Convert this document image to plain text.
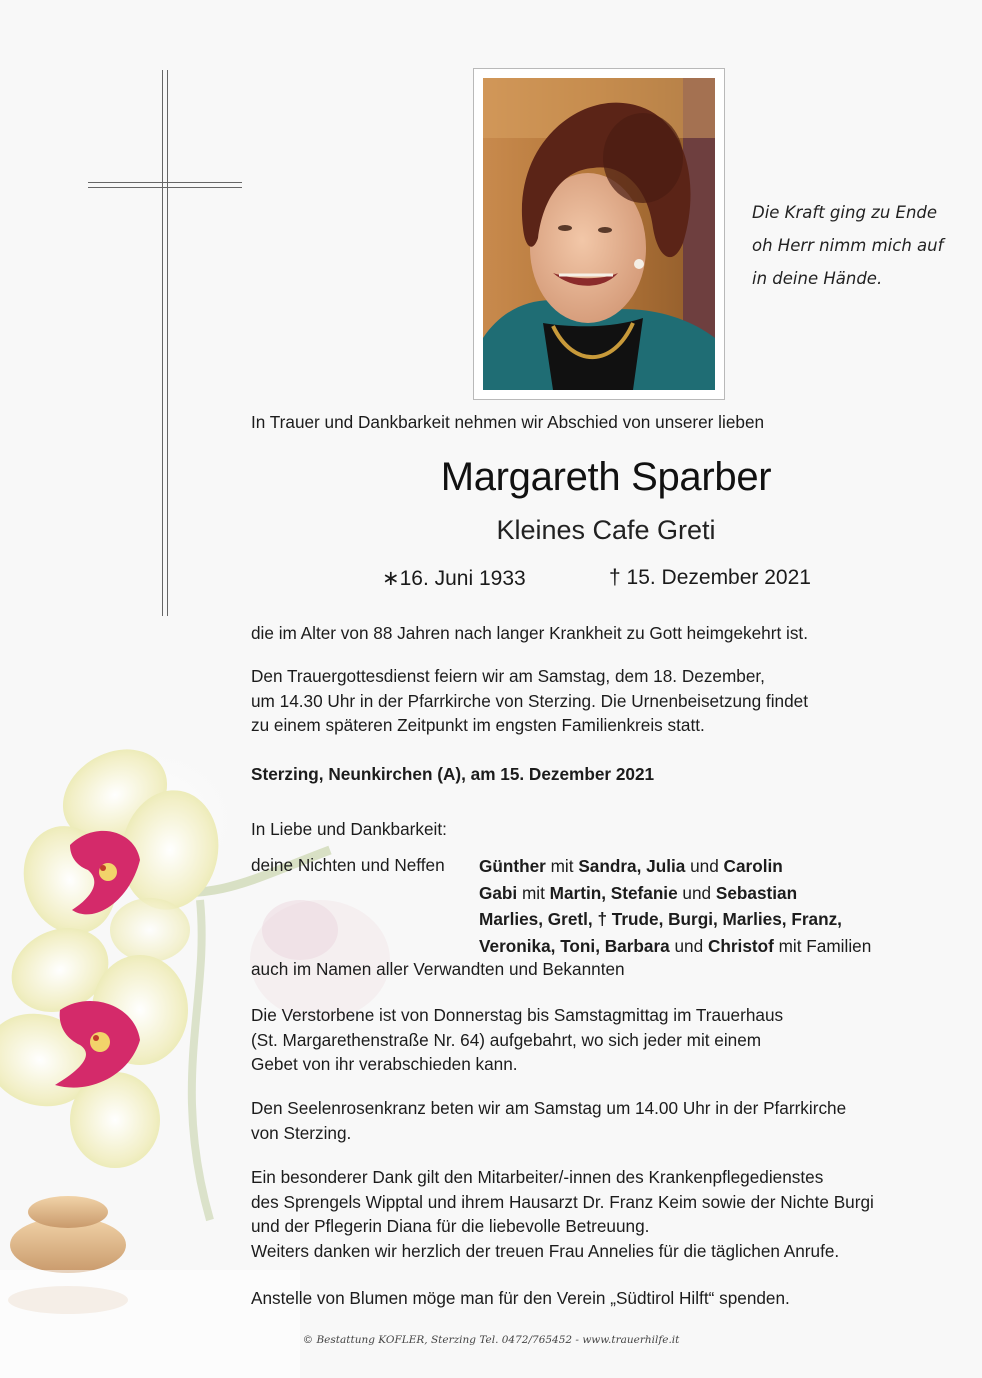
Die Kraft ging zu Ende
oh Herr nimm mich auf
in deine Hände.
In Trauer und Dankbarkeit nehmen wir Abschied von unserer lieben
Margareth Sparber
Kleines Cafe Greti
∗16. Juni 1933	† 15. Dezember 2021
die im Alter von 88 Jahren nach langer Krankheit zu Gott heimgekehrt ist.
Den Trauergottesdienst feiern wir am Samstag, dem 18. Dezember,
um 14.30 Uhr in der Pfarrkirche von Sterzing. Die Urnenbeisetzung findet
zu einem späteren Zeitpunkt im engsten Familienkreis statt.
Sterzing, Neunkirchen (A), am 15. Dezember 2021
In Liebe und Dankbarkeit:
deine Nichten und Neffen Günther mit Sandra, Julia und Carolin
Gabi mit Martin, Stefanie und Sebastian
Marlies, Gretl, † Trude, Burgi, Marlies, Franz,
Veronika, Toni, Barbara und Christof mit Familien
auch im Namen aller Verwandten und Bekannten
Die Verstorbene ist von Donnerstag bis Samstagmittag im Trauerhaus
(St. Margarethenstraße Nr. 64) aufgebahrt, wo sich jeder mit einem
Gebet von ihr verabschieden kann.
Den Seelenrosenkranz beten wir am Samstag um 14.00 Uhr in der Pfarrkirche
von Sterzing.
Ein besonderer Dank gilt den Mitarbeiter/-innen des Krankenpflegedienstes
des Sprengels Wipptal und ihrem Hausarzt Dr. Franz Keim sowie der Nichte Burgi
und der Pflegerin Diana für die liebevolle Betreuung.
Weiters danken wir herzlich der treuen Frau Annelies für die täglichen Anrufe.
Anstelle von Blumen möge man für den Verein „Südtirol Hilft“ spenden.
© Bestattung KOFLER, Sterzing Tel. 0472/765452 - www.trauerhilfe.it
